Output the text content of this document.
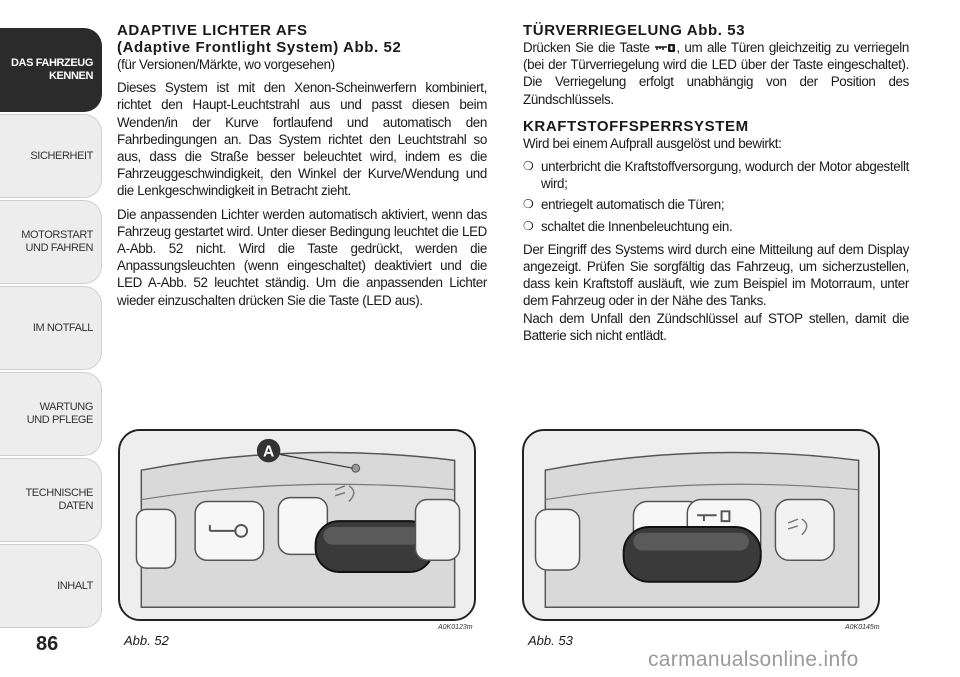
DAS FAHRZEUG
KENNEN
SICHERHEIT
MOTORSTART
UND FAHREN
IM NOTFALL
WARTUNG
UND PFLEGE
TECHNISCHE
DATEN
INHALT
86
ADAPTIVE LICHTER AFS
(Adaptive Frontlight System) Abb. 52
(für Versionen/Märkte, wo vorgesehen)

Dieses System ist mit den Xenon-Scheinwerfern kombiniert, richtet den Haupt-Leuchtstrahl aus und passt diesen beim Wenden/in der Kurve fortlaufend und automatisch den Fahrbedingungen an. Das System richtet den Leuchtstrahl so aus, dass die Straße besser beleuchtet wird, indem es die Fahrzeuggeschwindigkeit, den Winkel der Kurve/Wendung und die Lenkgeschwindigkeit in Betracht zieht.

Die anpassenden Lichter werden automatisch aktiviert, wenn das Fahrzeug gestartet wird. Unter dieser Bedingung leuchtet die LED A-Abb. 52 nicht. Wird die Taste gedrückt, werden die Anpassungsleuchten (wenn eingeschaltet) deaktiviert und die LED A-Abb. 52 leuchtet ständig. Um die anpassenden Lichter wieder einzuschalten drücken Sie die Taste (LED aus).

TÜRVERRIEGELUNG Abb. 53

Drücken Sie die Taste , um alle Türen gleichzeitig zu verriegeln (bei der Türverriegelung wird die LED über der Taste eingeschaltet). Die Verriegelung erfolgt unabhängig von der Position des Zündschlüssels.

KRAFTSTOFFSPERRSYSTEM

Wird bei einem Aufprall ausgelöst und bewirkt:

❍ unterbricht die Kraftstoffversorgung, wodurch der Motor abgestellt wird;
❍ entriegelt automatisch die Türen;
❍ schaltet die Innenbeleuchtung ein.

Der Eingriff des Systems wird durch eine Mitteilung auf dem Display angezeigt. Prüfen Sie sorgfältig das Fahrzeug, um sicherzustellen, dass kein Kraftstoff ausläuft, wie zum Beispiel im Motorraum, unter dem Fahrzeug oder in der Nähe des Tanks.

Nach dem Unfall den Zündschlüssel auf STOP stellen, damit die Batterie sich nicht entlädt.

A
Abb. 52
A0K0123m
Abb. 53
A0K0145m
carmanualsonline.info
